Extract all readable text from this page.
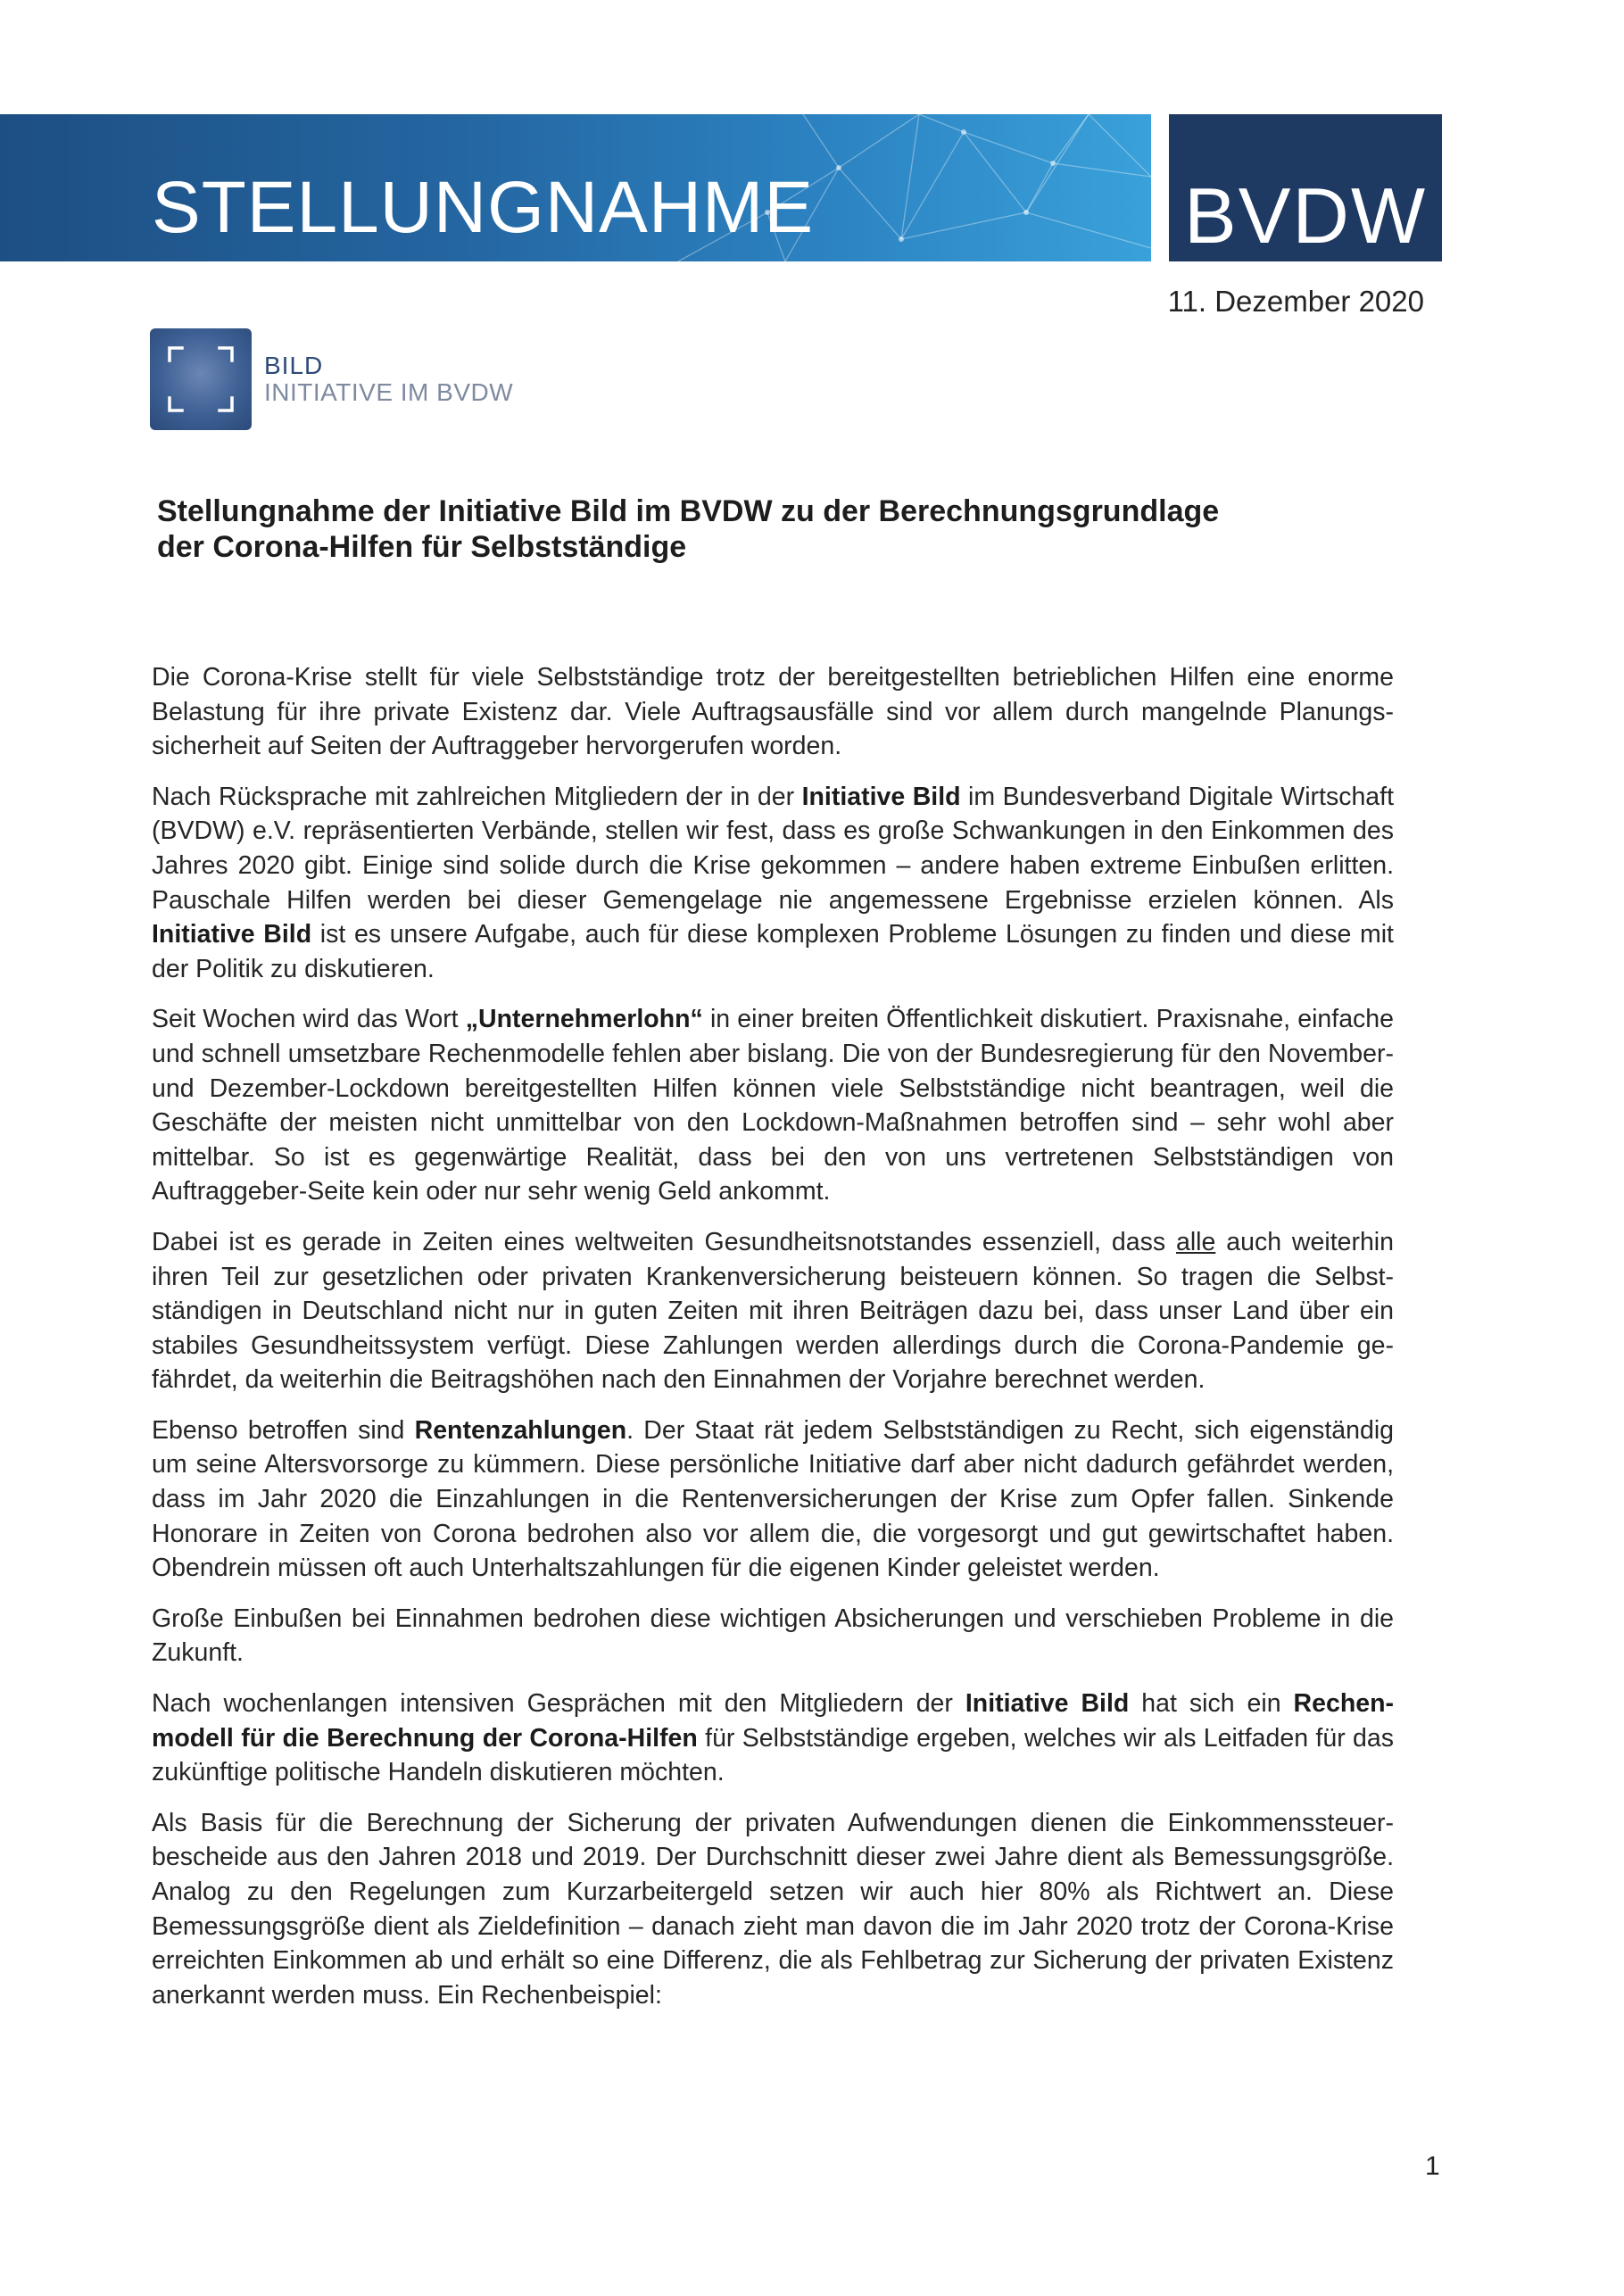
STELLUNGNAHME	BVDW
11. Dezember 2020
BILD
INITIATIVE IM BVDW
Stellungnahme der Initiative Bild im BVDW zu der Berechnungsgrundlage
der Corona-Hilfen für Selbstständige

Die Corona-Krise stellt für viele Selbstständige trotz der bereitgestellten betrieblichen Hilfen eine enorme Belastung für ihre private Existenz dar. Viele Auftragsausfälle sind vor allem durch mangelnde Planungssicherheit auf Seiten der Auftraggeber hervorgerufen worden.

Nach Rücksprache mit zahlreichen Mitgliedern der in der Initiative Bild im Bundesverband Digitale Wirtschaft (BVDW) e.V. repräsentierten Verbände, stellen wir fest, dass es große Schwankungen in den Einkommen des Jahres 2020 gibt. Einige sind solide durch die Krise gekommen – andere haben extreme Einbußen erlitten. Pauschale Hilfen werden bei dieser Gemengelage nie angemessene Ergebnisse erzielen können. Als Initiative Bild ist es unsere Aufgabe, auch für diese komplexen Probleme Lösungen zu finden und diese mit der Politik zu diskutieren.

Seit Wochen wird das Wort „Unternehmerlohn“ in einer breiten Öffentlichkeit diskutiert. Praxisnahe, einfache und schnell umsetzbare Rechenmodelle fehlen aber bislang. Die von der Bundesregierung für den November- und Dezember-Lockdown bereitgestellten Hilfen können viele Selbstständige nicht beantragen, weil die Geschäfte der meisten nicht unmittelbar von den Lockdown-Maßnahmen betroffen sind – sehr wohl aber mittelbar. So ist es gegenwärtige Realität, dass bei den von uns vertretenen Selbstständigen von Auftraggeber-Seite kein oder nur sehr wenig Geld ankommt.

Dabei ist es gerade in Zeiten eines weltweiten Gesundheitsnotstandes essenziell, dass alle auch weiterhin ihren Teil zur gesetzlichen oder privaten Krankenversicherung beisteuern können. So tragen die Selbstständigen in Deutschland nicht nur in guten Zeiten mit ihren Beiträgen dazu bei, dass unser Land über ein stabiles Gesundheitssystem verfügt. Diese Zahlungen werden allerdings durch die Corona-Pandemie gefährdet, da weiterhin die Beitragshöhen nach den Einnahmen der Vorjahre berechnet werden.

Ebenso betroffen sind Rentenzahlungen. Der Staat rät jedem Selbstständigen zu Recht, sich eigenständig um seine Altersvorsorge zu kümmern. Diese persönliche Initiative darf aber nicht dadurch gefährdet werden, dass im Jahr 2020 die Einzahlungen in die Rentenversicherungen der Krise zum Opfer fallen. Sinkende Honorare in Zeiten von Corona bedrohen also vor allem die, die vorgesorgt und gut gewirtschaftet haben. Obendrein müssen oft auch Unterhaltszahlungen für die eigenen Kinder geleistet werden.

Große Einbußen bei Einnahmen bedrohen diese wichtigen Absicherungen und verschieben Probleme in die Zukunft.

Nach wochenlangen intensiven Gesprächen mit den Mitgliedern der Initiative Bild hat sich ein Rechenmodell für die Berechnung der Corona-Hilfen für Selbstständige ergeben, welches wir als Leitfaden für das zukünftige politische Handeln diskutieren möchten.

Als Basis für die Berechnung der Sicherung der privaten Aufwendungen dienen die Einkommenssteuerbescheide aus den Jahren 2018 und 2019. Der Durchschnitt dieser zwei Jahre dient als Bemessungsgröße. Analog zu den Regelungen zum Kurzarbeitergeld setzen wir auch hier 80% als Richtwert an. Diese Bemessungsgröße dient als Zieldefinition – danach zieht man davon die im Jahr 2020 trotz der Corona-Krise erreichten Einkommen ab und erhält so eine Differenz, die als Fehlbetrag zur Sicherung der privaten Existenz anerkannt werden muss. Ein Rechenbeispiel:

1
